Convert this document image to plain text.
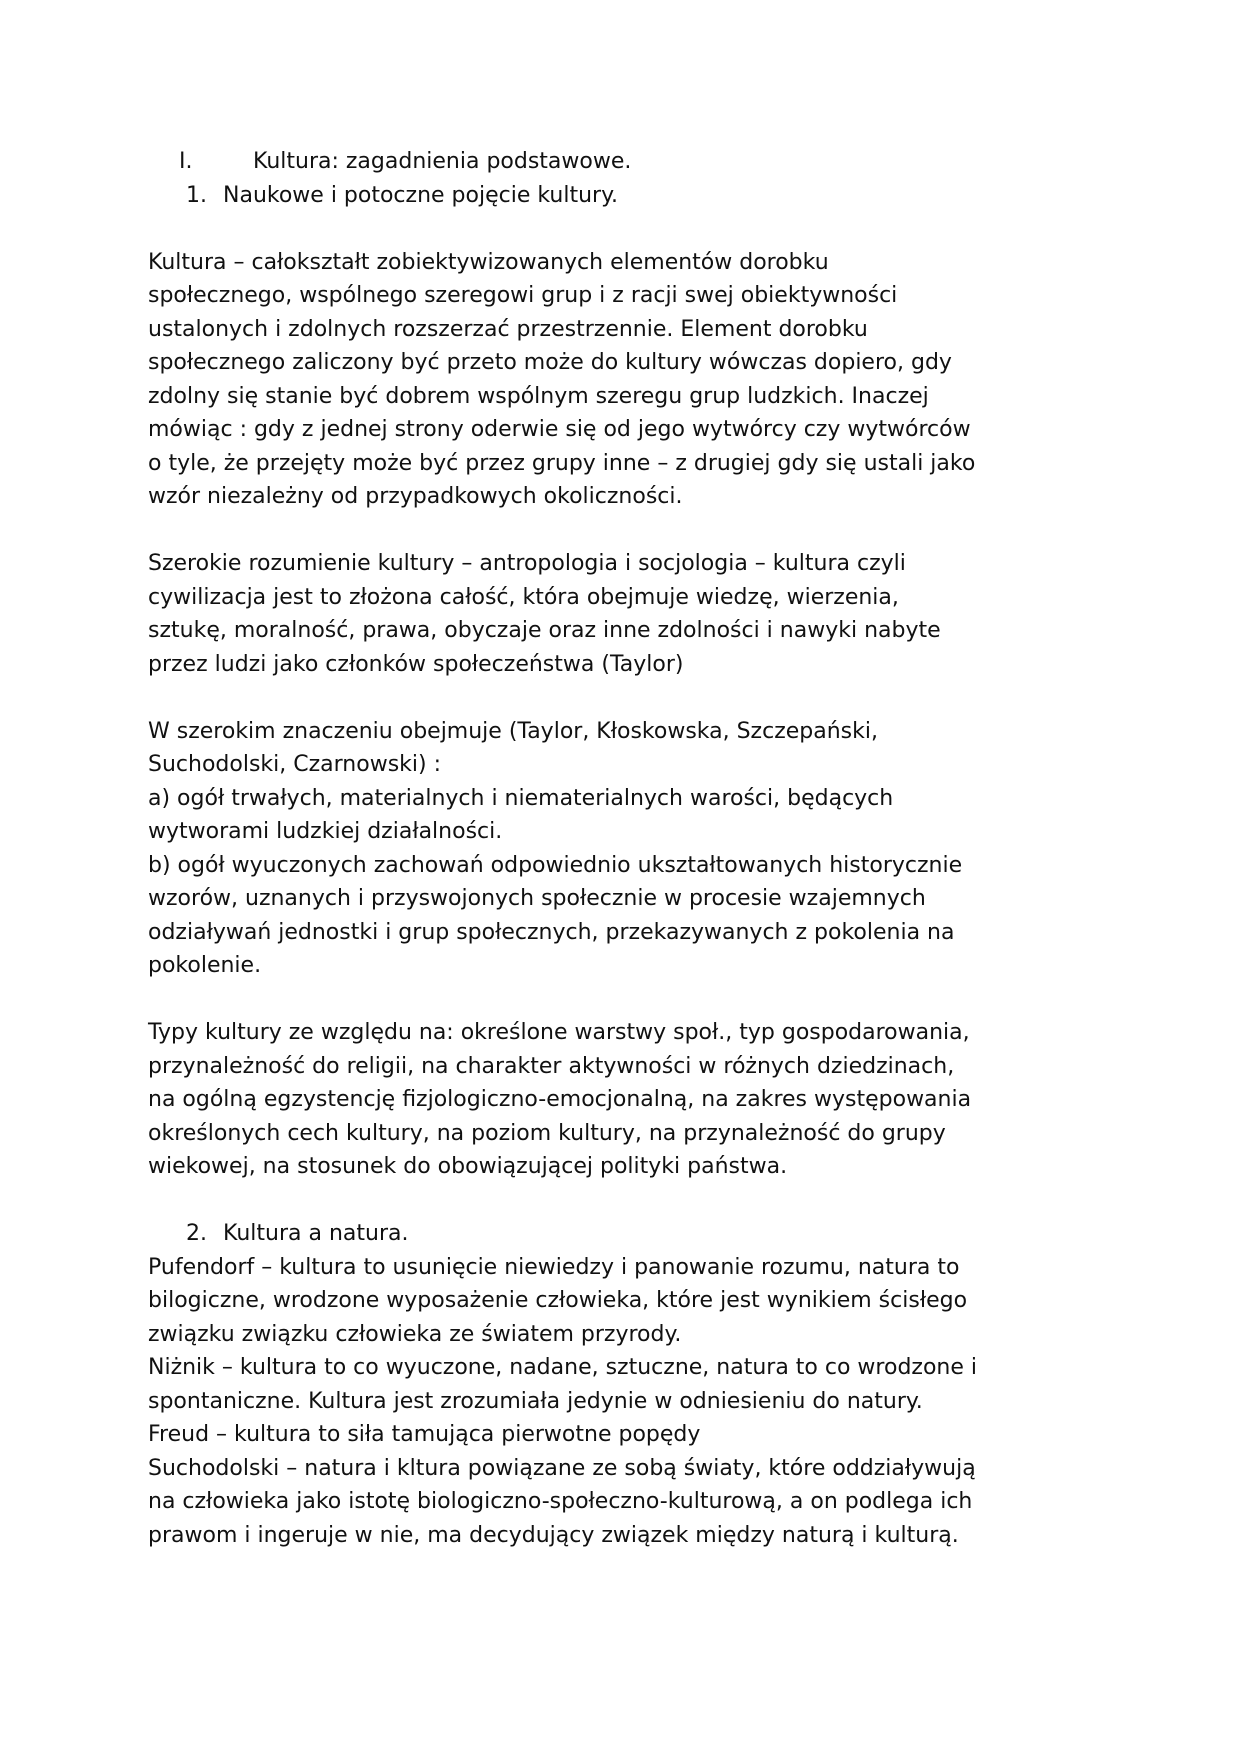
I.	Kultura: zagadnienia podstawowe.
1. Naukowe i potoczne pojęcie kultury.
Kultura – całokształt zobiektywizowanych elementów dorobku
społecznego, wspólnego szeregowi grup i z racji swej obiektywności
ustalonych i zdolnych rozszerzać przestrzennie. Element dorobku
społecznego zaliczony być przeto może do kultury wówczas dopiero, gdy
zdolny się stanie być dobrem wspólnym szeregu grup ludzkich. Inaczej
mówiąc : gdy z jednej strony oderwie się od jego wytwórcy czy wytwórców
o tyle, że przejęty może być przez grupy inne – z drugiej gdy się ustali jako
wzór niezależny od przypadkowych okoliczności.
Szerokie rozumienie kultury – antropologia i socjologia – kultura czyli
cywilizacja jest to złożona całość, która obejmuje wiedzę, wierzenia,
sztukę, moralność, prawa, obyczaje oraz inne zdolności i nawyki nabyte
przez ludzi jako członków społeczeństwa (Taylor)
W szerokim znaczeniu obejmuje (Taylor, Kłoskowska, Szczepański,
Suchodolski, Czarnowski) :
a) ogół trwałych, materialnych i niematerialnych warości, będących
wytworami ludzkiej działalności.
b) ogół wyuczonych zachowań odpowiednio ukształtowanych historycznie
wzorów, uznanych i przyswojonych społecznie w procesie wzajemnych
odziaływań jednostki i grup społecznych, przekazywanych z pokolenia na
pokolenie.
Typy kultury ze względu na: określone warstwy społ., typ gospodarowania,
przynależność do religii, na charakter aktywności w różnych dziedzinach,
na ogólną egzystencję fizjologiczno-emocjonalną, na zakres występowania
określonych cech kultury, na poziom kultury, na przynależność do grupy
wiekowej, na stosunek do obowiązującej polityki państwa.
2. Kultura a natura.
Pufendorf – kultura to usunięcie niewiedzy i panowanie rozumu, natura to
bilogiczne, wrodzone wyposażenie człowieka, które jest wynikiem ścisłego
związku związku człowieka ze światem przyrody.
Niżnik – kultura to co wyuczone, nadane, sztuczne, natura to co wrodzone i
spontaniczne. Kultura jest zrozumiała jedynie w odniesieniu do natury.
Freud – kultura to siła tamująca pierwotne popędy
Suchodolski – natura i kltura powiązane ze sobą światy, które oddziaływują
na człowieka jako istotę biologiczno-społeczno-kulturową, a on podlega ich
prawom i ingeruje w nie, ma decydujący związek między naturą i kulturą.
